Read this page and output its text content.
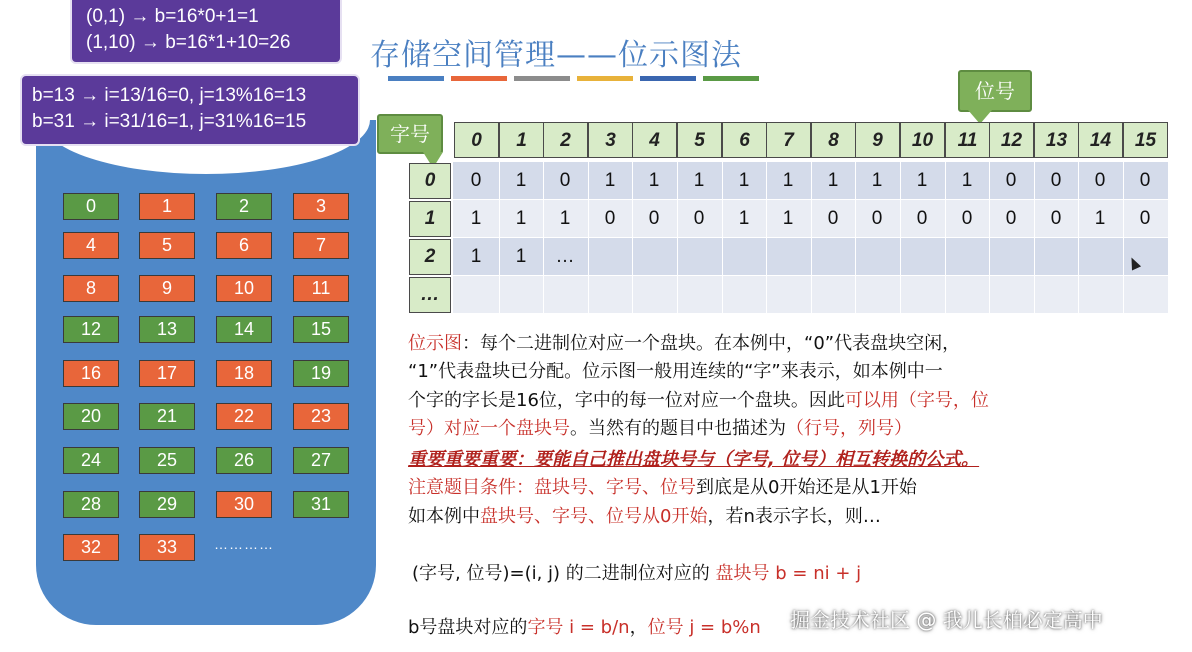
0	1	2	3
4	5	6	7
8	9	10	11
12	13	14	15
16	17	18	19
20	21	22	23
24	25	26	27
28	29	30	31
32	33	…………
(0,1) → b=16*0+1=1
(1,10) → b=16*1+10=26
道性
b=13 → i=13/16=0, j=13%16=13
b=31 → i=31/16=1, j=31%16=15
存储空间管理——位示图法
字号
位号
0	1	2	3	4	5	6	7	8	9	10	11	12	13	14	15
0	0	1	0	1	1	1	1	1	1	1	1	1	0	0	0	0
1	1	1	1	0	0	0	1	1	0	0	0	0	0	0	1	0
2	1	1	…
…
位示图：每个二进制位对应一个盘块。在本例中，“0”代表盘块空闲，
“1”代表盘块已分配。位示图一般用连续的“字”来表示，如本例中一
个字的字长是16位，字中的每一位对应一个盘块。因此可以用（字号，位
号）对应一个盘块号。当然有的题目中也描述为（行号，列号）
重要重要重要：要能自己推出盘块号与（字号, 位号）相互转换的公式。
注意题目条件：盘块号、字号、位号到底是从0开始还是从1开始
如本例中盘块号、字号、位号从0开始，若n表示字长，则…
(字号, 位号)=(i, j) 的二进制位对应的 盘块号 b = ni + j
b号盘块对应的字号 i = b/n，位号 j = b%n 掘金技术社区 @ 我儿长柏必定高中
